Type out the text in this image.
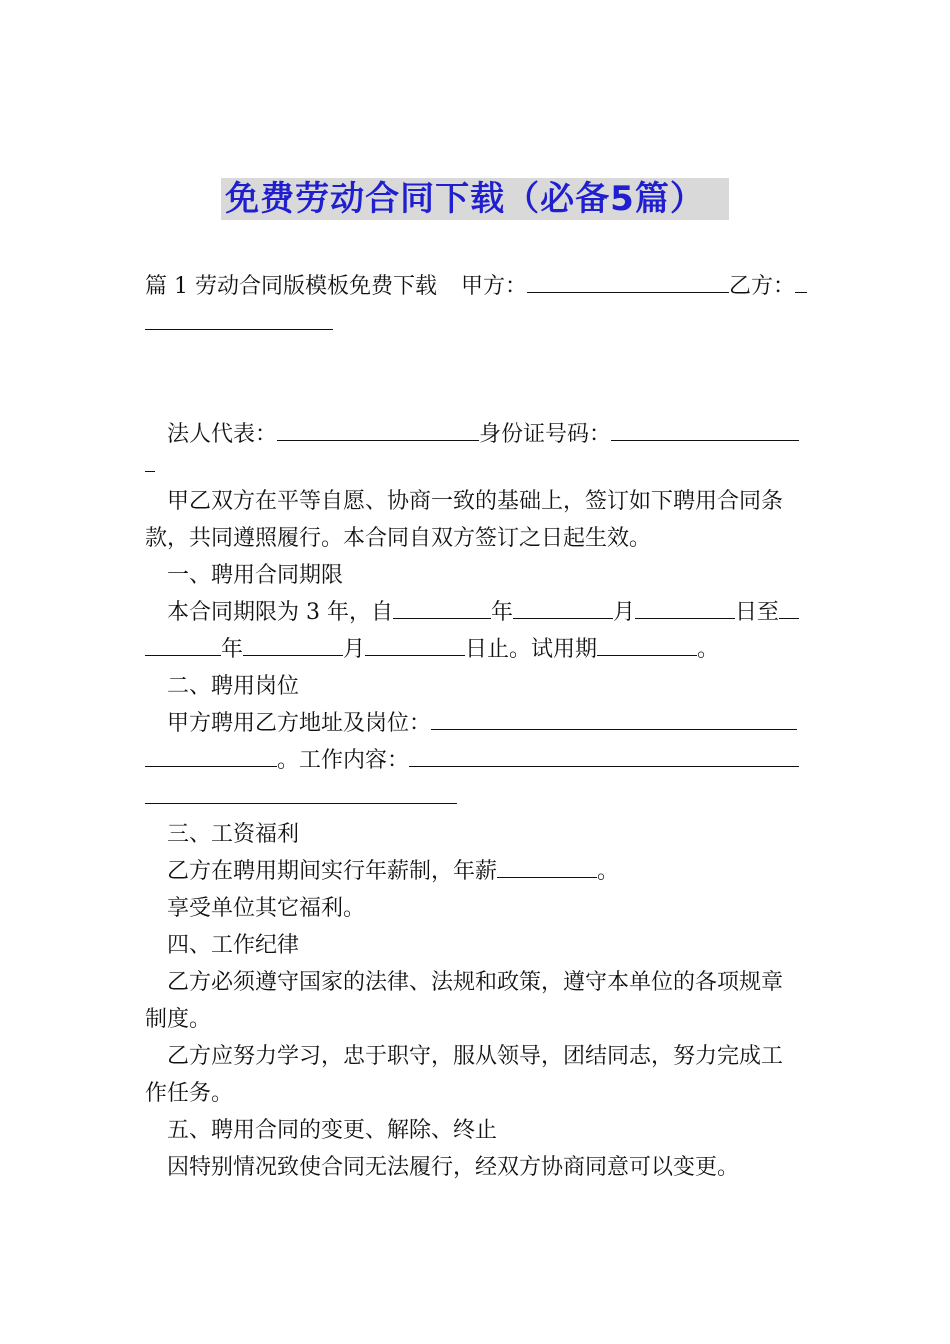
免费劳动合同下载（必备5篇）

篇 1 劳动合同版模板免费下载 甲方：	乙方：

法人代表：	身份证号码：

甲乙双方在平等自愿、协商一致的基础上，签订如下聘用合同条

款，共同遵照履行。本合同自双方签订之日起生效。

一、聘用合同期限

本合同期限为 3 年，自	年	月	日至

年	月	日止。试用期	。

二、聘用岗位

甲方聘用乙方地址及岗位：

。工作内容：

三、工资福利

乙方在聘用期间实行年薪制，年薪	。

享受单位其它福利。

四、工作纪律

乙方必须遵守国家的法律、法规和政策，遵守本单位的各项规章

制度。

乙方应努力学习，忠于职守，服从领导，团结同志，努力完成工

作任务。

五、聘用合同的变更、解除、终止

因特别情况致使合同无法履行，经双方协商同意可以变更。
